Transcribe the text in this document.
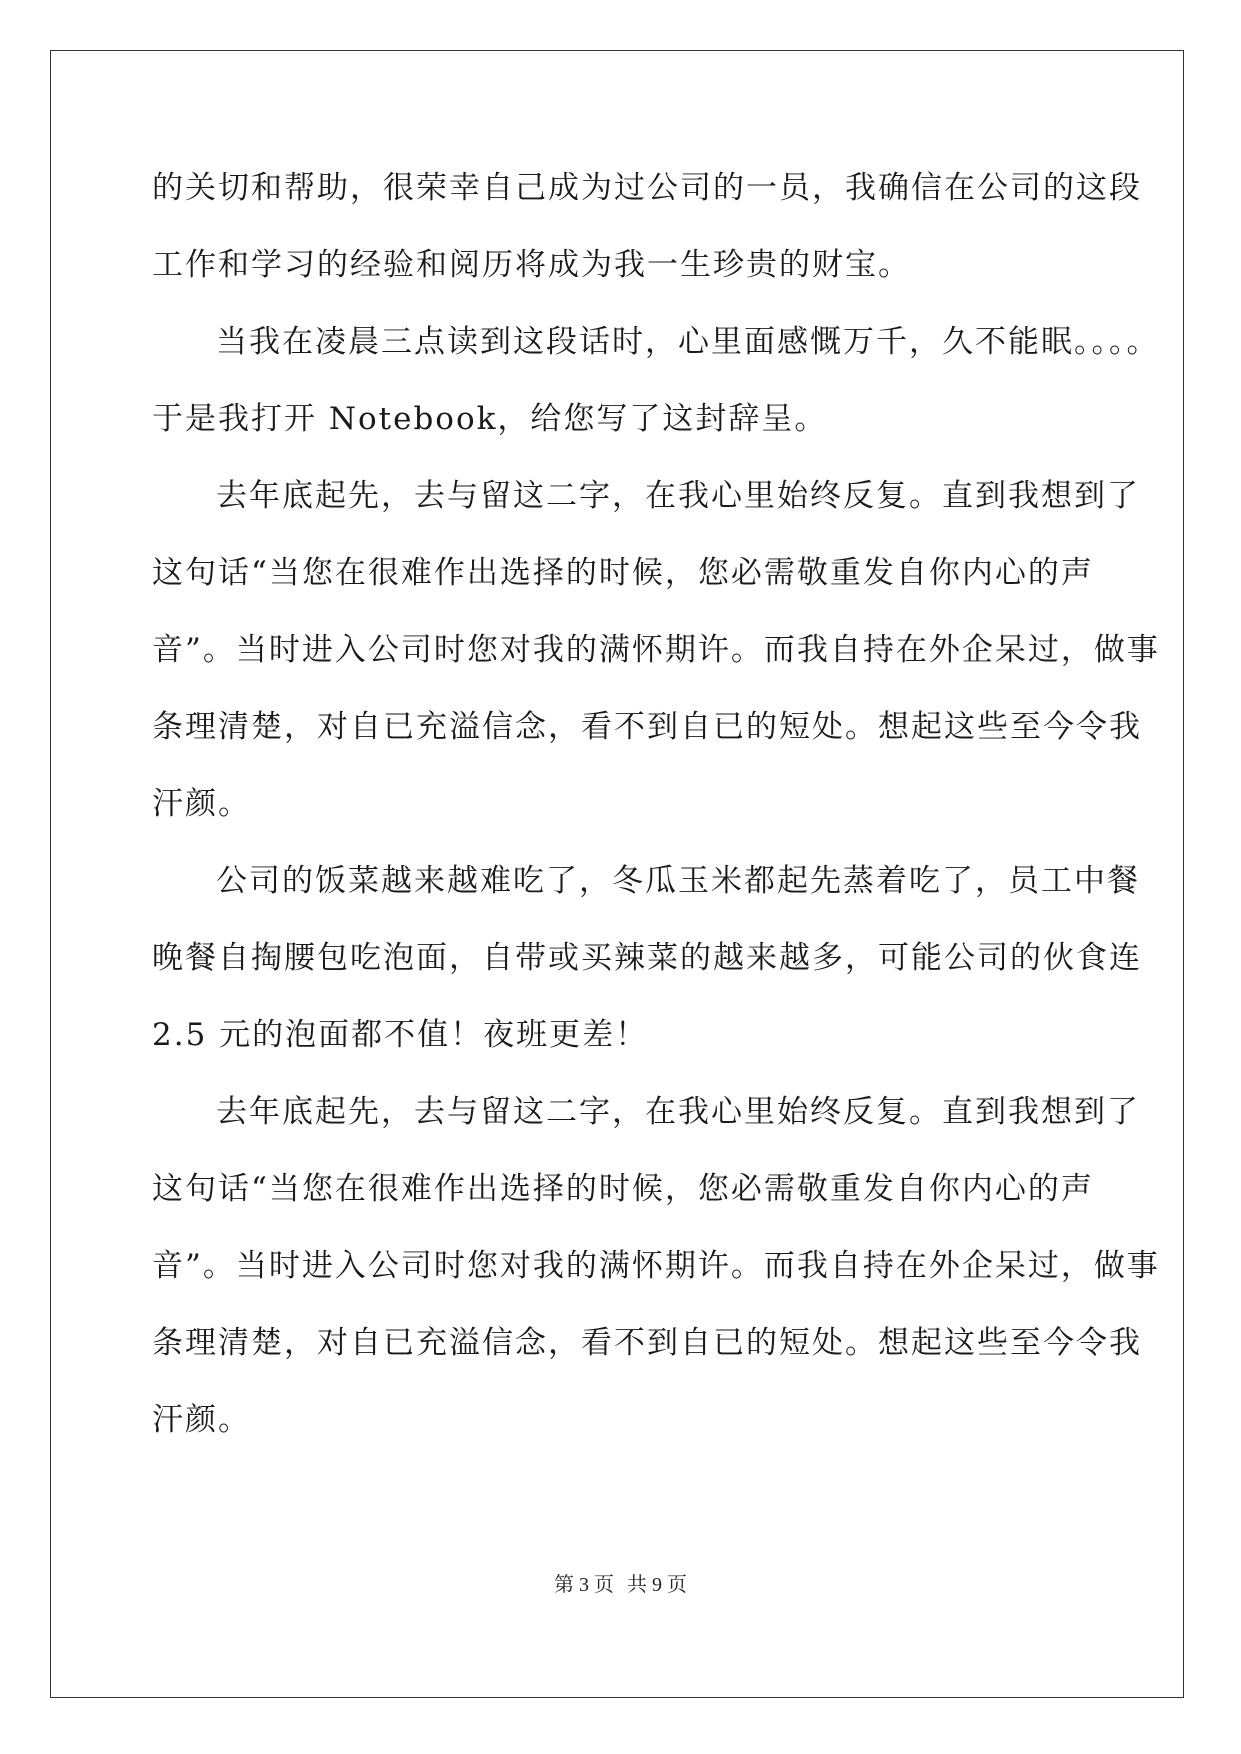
的关切和帮助，很荣幸自己成为过公司的一员，我确信在公司的这段
工作和学习的经验和阅历将成为我一生珍贵的财宝。
当我在凌晨三点读到这段话时，心里面感慨万千，久不能眠。。。。
于是我打开 Notebook，给您写了这封辞呈。
去年底起先，去与留这二字，在我心里始终反复。直到我想到了
这句话“当您在很难作出选择的时候，您必需敬重发自你内心的声
音”。当时进入公司时您对我的满怀期许。而我自持在外企呆过，做事
条理清楚，对自已充溢信念，看不到自已的短处。想起这些至今令我
汗颜。
公司的饭菜越来越难吃了，冬瓜玉米都起先蒸着吃了，员工中餐
晚餐自掏腰包吃泡面，自带或买辣菜的越来越多，可能公司的伙食连
2.5 元的泡面都不值！夜班更差！
去年底起先，去与留这二字，在我心里始终反复。直到我想到了
这句话“当您在很难作出选择的时候，您必需敬重发自你内心的声
音”。当时进入公司时您对我的满怀期许。而我自持在外企呆过，做事
条理清楚，对自已充溢信念，看不到自已的短处。想起这些至今令我
汗颜。
第 3 页 共 9 页
